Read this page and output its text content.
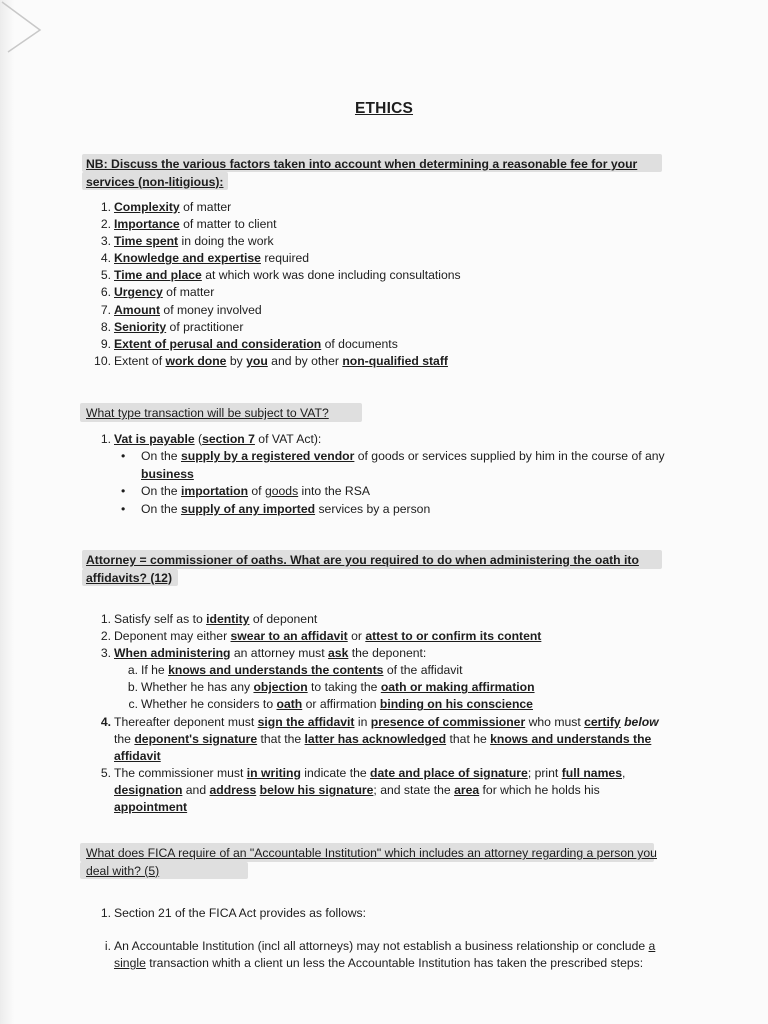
ETHICS
NB: Discuss the various factors taken into account when determining a reasonable fee for your services (non-litigious):
1. Complexity of matter
2. Importance of matter to client
3. Time spent in doing the work
4. Knowledge and expertise required
5. Time and place at which work was done including consultations
6. Urgency of matter
7. Amount of money involved
8. Seniority of practitioner
9. Extent of perusal and consideration of documents
10. Extent of work done by you and by other non-qualified staff
What type transaction will be subject to VAT?
1. Vat is payable (section 7 of VAT Act):
• On the supply by a registered vendor of goods or services supplied by him in the course of any business
• On the importation of goods into the RSA
• On the supply of any imported services by a person
Attorney = commissioner of oaths. What are you required to do when administering the oath ito affidavits? (12)
1. Satisfy self as to identity of deponent
2. Deponent may either swear to an affidavit or attest to or confirm its content
3. When administering an attorney must ask the deponent:
a. If he knows and understands the contents of the affidavit
b. Whether he has any objection to taking the oath or making affirmation
c. Whether he considers to oath or affirmation binding on his conscience
4. Thereafter deponent must sign the affidavit in presence of commissioner who must certify below the deponent's signature that the latter has acknowledged that he knows and understands the affidavit
5. The commissioner must in writing indicate the date and place of signature; print full names, designation and address below his signature; and state the area for which he holds his appointment
What does FICA require of an "Accountable Institution" which includes an attorney regarding a person you deal with? (5)
1. Section 21 of the FICA Act provides as follows:
i. An Accountable Institution (incl all attorneys) may not establish a business relationship or conclude a single transaction whith a client un less the Accountable Institution has taken the prescribed steps:
